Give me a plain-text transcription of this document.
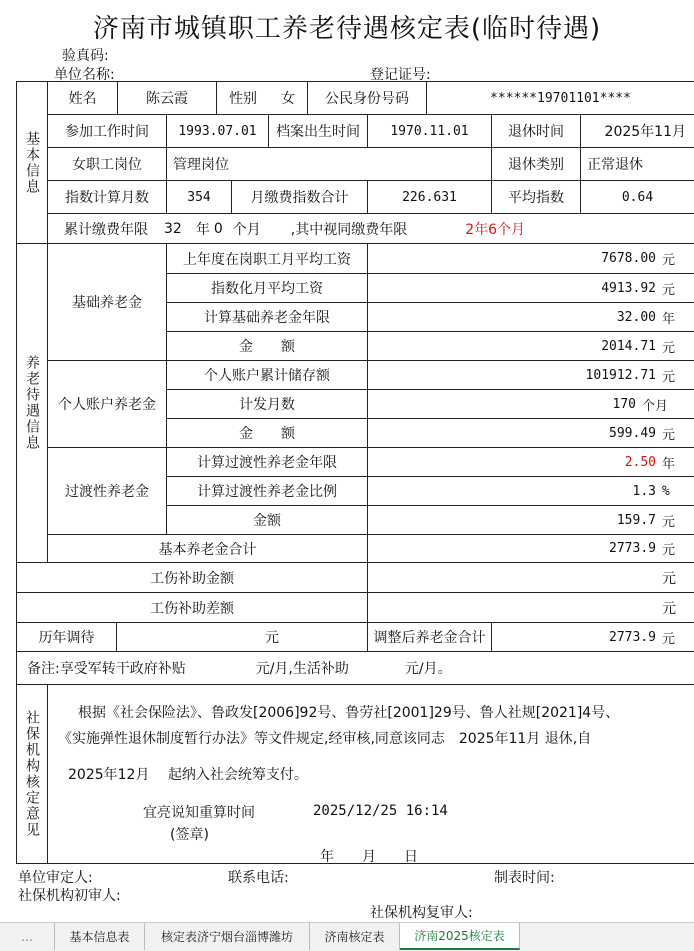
济南市城镇职工养老待遇核定表(临时待遇)
验真码:
单位名称:	登记证号:
基本信息
姓名	陈云霞	性别 女	公民身份号码	******19701101****
参加工作时间	1993.07.01	档案出生时间	1970.11.01	退休时间	2025年11月
女职工岗位	管理岗位	退休类别	正常退休
指数计算月数	354	月缴费指数合计	226.631	平均指数	0.64
累计缴费年限 32 年 0 个月 ,其中视同缴费年限	2年6个月
养老待遇信息
基础养老金
上年度在岗职工月平均工资	7678.00 元
指数化月平均工资	4913.92 元
计算基础养老金年限	32.00 年
金　　额	2014.71 元
个人账户养老金
个人账户累计储存额	101912.71 元
计发月数	170 个月
金　　额	599.49 元
过渡性养老金
计算过渡性养老金年限	2.50 年
计算过渡性养老金比例	1.3 %
金额	159.7 元
基本养老金合计	2773.9 元
工伤补助金额	元
工伤补助差额	元
历年调待	元	调整后养老金合计	2773.9 元
备注:享受军转干政府补贴　　　　　元/月,生活补助　　　　元/月。
社保机构核定意见	根据《社会保险法》、鲁政发[2006]92号、鲁劳社[2001]29号、鲁人社规[2021]4号、
《实施弹性退休制度暂行办法》等文件规定,经审核,同意该同志　2025年11月 退休,自
2025年12月　 起纳入社会统筹支付。
宜亮说知重算时间	2025/12/25 16:14
(签章)
年　　月　　日
单位审定人:	联系电话:	制表时间:
社保机构初审人:
社保机构复审人:
…	基本信息表	核定表济宁烟台淄博潍坊	济南核定表	济南2025核定表
